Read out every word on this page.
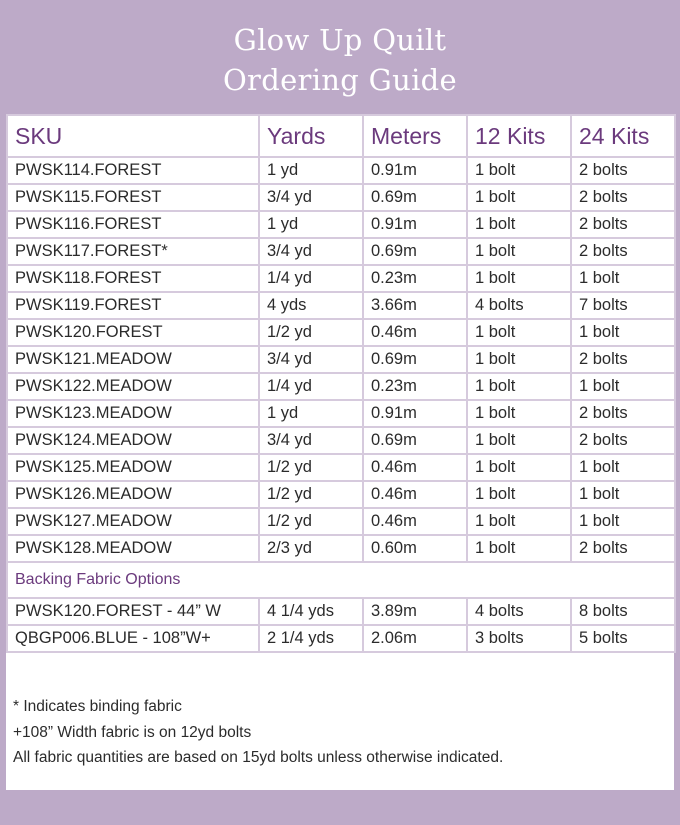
Glow Up Quilt
Ordering Guide
SKU	Yards	Meters	12 Kits	24 Kits
PWSK114.FOREST	1 yd	0.91m	1 bolt	2 bolts
PWSK115.FOREST	3/4 yd	0.69m	1 bolt	2 bolts
PWSK116.FOREST	1 yd	0.91m	1 bolt	2 bolts
PWSK117.FOREST*	3/4 yd	0.69m	1 bolt	2 bolts
PWSK118.FOREST	1/4 yd	0.23m	1 bolt	1 bolt
PWSK119.FOREST	4 yds	3.66m	4 bolts	7 bolts
PWSK120.FOREST	1/2 yd	0.46m	1 bolt	1 bolt
PWSK121.MEADOW	3/4 yd	0.69m	1 bolt	2 bolts
PWSK122.MEADOW	1/4 yd	0.23m	1 bolt	1 bolt
PWSK123.MEADOW	1 yd	0.91m	1 bolt	2 bolts
PWSK124.MEADOW	3/4 yd	0.69m	1 bolt	2 bolts
PWSK125.MEADOW	1/2 yd	0.46m	1 bolt	1 bolt
PWSK126.MEADOW	1/2 yd	0.46m	1 bolt	1 bolt
PWSK127.MEADOW	1/2 yd	0.46m	1 bolt	1 bolt
PWSK128.MEADOW	2/3 yd	0.60m	1 bolt	2 bolts
Backing Fabric Options				
PWSK120.FOREST - 44” W	4 1/4 yds	3.89m	4 bolts	8 bolts
QBGP006.BLUE - 108”W+	2 1/4 yds	2.06m	3 bolts	5 bolts
* Indicates binding fabric
+108” Width fabric is on 12yd bolts
All fabric quantities are based on 15yd bolts unless otherwise indicated.
